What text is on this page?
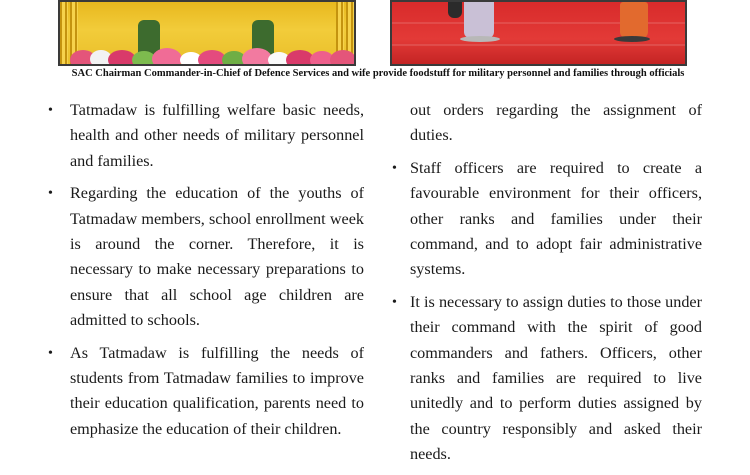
SAC Chairman Commander-in-Chief of Defence Services and wife provide foodstuff for military personnel and families through officials
• Tatmadaw is fulfilling welfare basic needs, health and other needs of military personnel and families.
• Regarding the education of the youths of Tatmadaw members, school enrollment week is around the corner. Therefore, it is necessary to make necessary preparations to ensure that all school age children are admitted to schools.
• As Tatmadaw is fulfilling the needs of students from Tatmadaw families to improve their education qualification, parents need to emphasize the education of their children.
out orders regarding the assignment of duties.
• Staff officers are required to create a favourable environment for their officers, other ranks and families under their command, and to adopt fair administrative systems.
• It is necessary to assign duties to those under their command with the spirit of good commanders and fathers. Officers, other ranks and families are required to live unitedly and to perform duties assigned by the country responsibly and asked their needs.
